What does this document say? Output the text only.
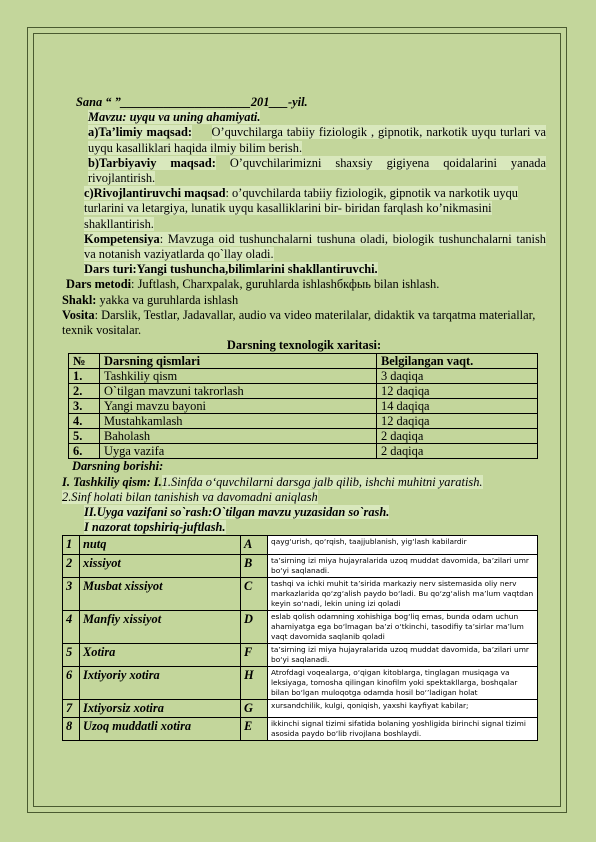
Sana “ ”_____________________201___-yil.

Mavzu: uyqu va uning ahamiyati.

a)Ta’limiy maqsad: O’quvchilarga tabiiy fiziologik , gipnotik, narkotik uyqu turlari va uyqu kasalliklari haqida ilmiy bilim berish.

b)Tarbiyaviy maqsad: O’quvchilarimizni shaxsiy gigiyena qoidalarini yanada rivojlantirish.

c)Rivojlantiruvchi maqsad: o’quvchilarda tabiiy fiziologik, gipnotik va narkotik uyqu turlarini va letargiya, lunatik uyqu kasalliklarini bir- biridan farqlash ko’nikmasini shakllantirish.

Kompetensiya: Mavzuga oid tushunchalarni tushuna oladi, biologik tushunchalarni tanish va notanish vaziyatlarda qo`llay oladi.

Dars turi:Yangi tushuncha,bilimlarini shakllantiruvchi.

Dars metodi: Juftlash, Charxpalak, guruhlarda ishlashбкфыь bilan ishlash.

Shakl: yakka va guruhlarda ishlash

Vosita: Darslik, Testlar, Jadavallar, audio va video materilalar, didaktik va tarqatma materiallar, texnik vositalar.

Darsning texnologik xaritasi:

№	Darsning qismlari	Belgilangan vaqt.
1.	Tashkiliy qism	3 daqiqa
2.	O`tilgan mavzuni takrorlash	12 daqiqa
3.	Yangi mavzu bayoni	14 daqiqa
4.	Mustahkamlash	12 daqiqa
5.	Baholash	2 daqiqa
6.	Uyga vazifa	2 daqiqa

Darsning borishi:

I. Tashkiliy qism: I.1.Sinfda o‘quvchilarni darsga jalb qilib, ishchi muhitni yaratish.

2.Sinf holati bilan tanishish va davomadni aniqlash

II.Uyga vazifani so`rash:O`tilgan mavzu yuzasidan so`rash.

I nazorat topshiriq-juftlash.

1	nutq	A	qayg‘urish, qo‘rqish, taajjublanish, yig‘lash kabilardir
2	xissiyot	B	ta’sirning izi miya hujayralarida uzoq muddat davomida, ba’zilari umr bo‘yi saqlanadi.
3	Musbat xissiyot	C	tashqi va ichki muhit ta’sirida markaziy nerv sistemasida oliy nerv markazlarida qo‘zg‘alish paydo bo‘ladi. Bu qo‘zg‘alish ma’lum vaqtdan keyin so‘nadi, lekin uning izi qoladi
4	Manfiy xissiyot	D	eslab qolish odamning xohishiga bog‘liq emas, bunda odam uchun ahamiyatga ega bo‘lmagan ba’zi o‘tkinchi, tasodifiy ta’sirlar ma’lum vaqt davomida saqlanib qoladi
5	Xotira	F	ta’sirning izi miya hujayralarida uzoq muddat davomida, ba’zilari umr bo‘yi saqlanadi.
6	Ixtiyoriy xotira	H	Atrofdagi voqealarga, o‘qigan kitoblarga, tinglagan musiqaga va leksiyaga, tomosha qilingan kinofilm yoki spektakllarga, boshqalar bilan bo‘lgan muloqotga odamda hosil bo‘’ladigan holat
7	Ixtiyorsiz xotira	G	xursandchilik, kulgi, qoniqish, yaxshi kayfiyat kabilar;
8	Uzoq muddatli xotira	E	ikkinchi signal tizimi sifatida bolaning yoshligida birinchi signal tizimi asosida paydo bo‘lib rivojlana boshlaydi.
